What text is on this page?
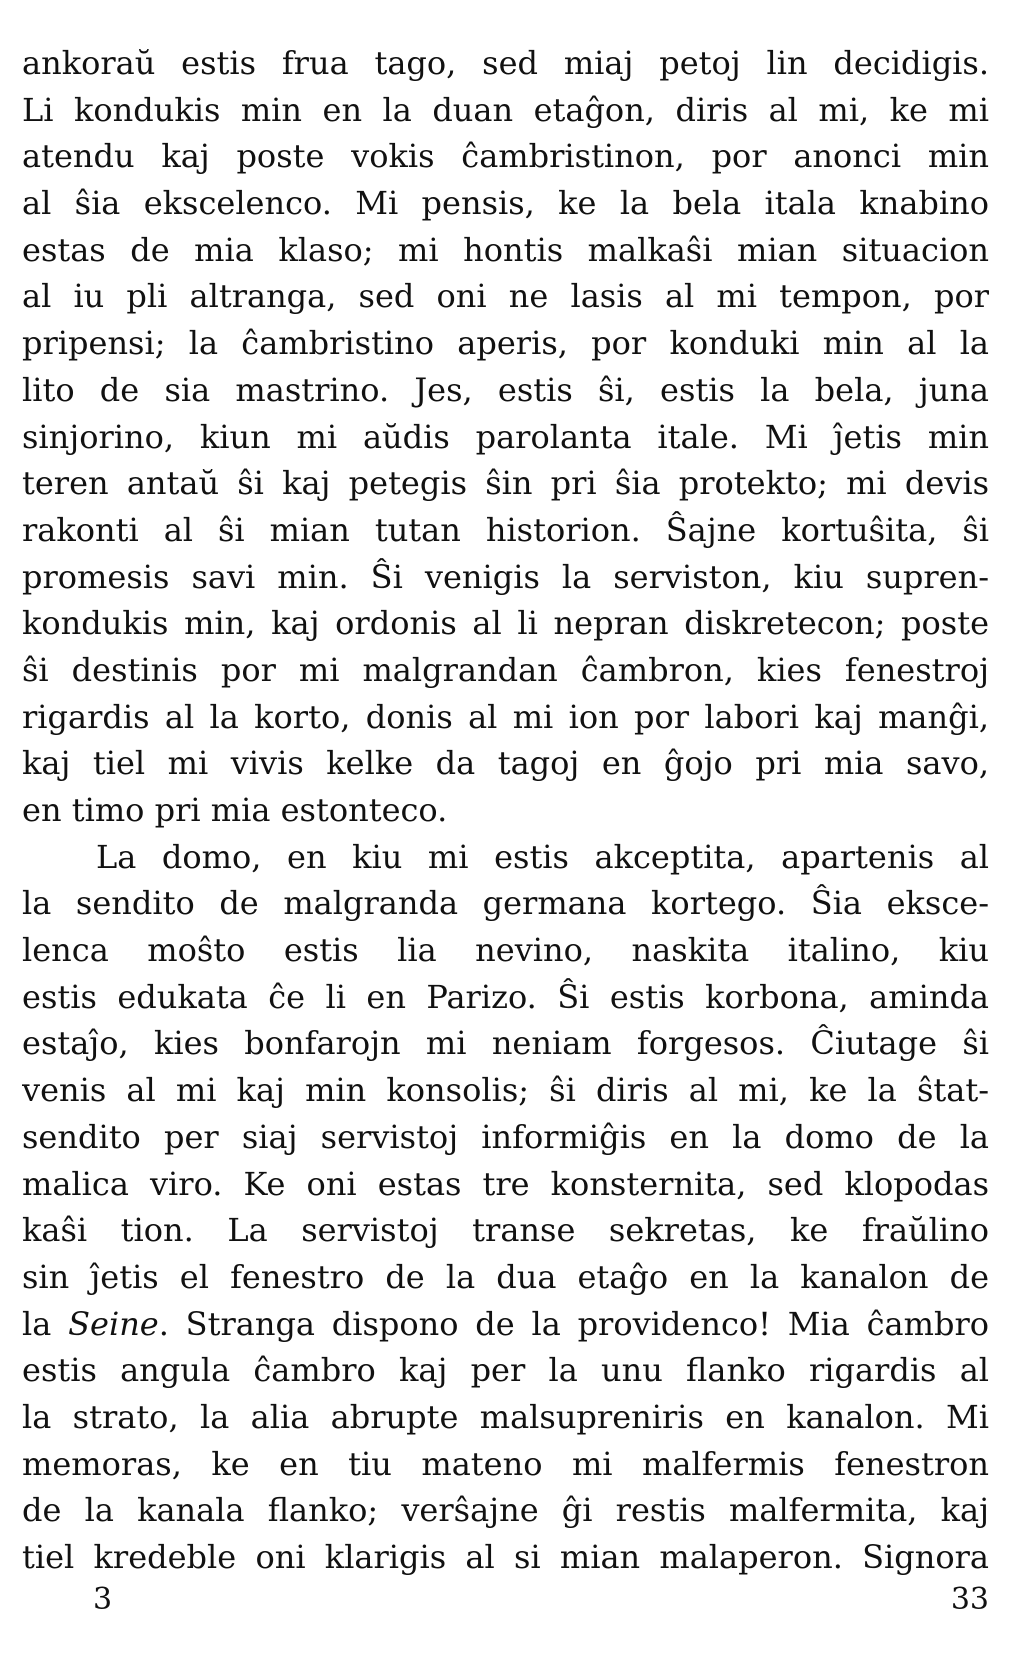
ankoraŭ estis frua tago, sed miaj petoj lin decidigis.
Li kondukis min en la duan etaĝon, diris al mi, ke mi
atendu kaj poste vokis ĉambristinon, por anonci min
al ŝia ekscelenco. Mi pensis, ke la bela itala knabino
estas de mia klaso; mi hontis malkaŝi mian situacion
al iu pli altranga, sed oni ne lasis al mi tempon, por
pripensi; la ĉambristino aperis, por konduki min al la
lito de sia mastrino. Jes, estis ŝi, estis la bela, juna
sinjorino, kiun mi aŭdis parolanta itale. Mi ĵetis min
teren antaŭ ŝi kaj petegis ŝin pri ŝia protekto; mi devis
rakonti al ŝi mian tutan historion. Ŝajne kortuŝita, ŝi
promesis savi min. Ŝi venigis la serviston, kiu supren-
kondukis min, kaj ordonis al li nepran diskretecon; poste
ŝi destinis por mi malgrandan ĉambron, kies fenestroj
rigardis al la korto, donis al mi ion por labori kaj manĝi,
kaj tiel mi vivis kelke da tagoj en ĝojo pri mia savo,
en timo pri mia estonteco.
La domo, en kiu mi estis akceptita, apartenis al
la sendito de malgranda germana kortego. Ŝia eksce-
lenca moŝto estis lia nevino, naskita italino, kiu
estis edukata ĉe li en Parizo. Ŝi estis korbona, aminda
estaĵo, kies bonfarojn mi neniam forgesos. Ĉiutage ŝi
venis al mi kaj min konsolis; ŝi diris al mi, ke la ŝtat-
sendito per siaj servistoj informiĝis en la domo de la
malica viro. Ke oni estas tre konsternita, sed klopodas
kaŝi tion. La servistoj transe sekretas, ke fraŭlino
sin ĵetis el fenestro de la dua etaĝo en la kanalon de
la Seine. Stranga dispono de la providenco! Mia ĉambro
estis angula ĉambro kaj per la unu flanko rigardis al
la strato, la alia abrupte malsupreniris en kanalon. Mi
memoras, ke en tiu mateno mi malfermis fenestron
de la kanala flanko; verŝajne ĝi restis malfermita, kaj
tiel kredeble oni klarigis al si mian malaperon. Signora
3	33
